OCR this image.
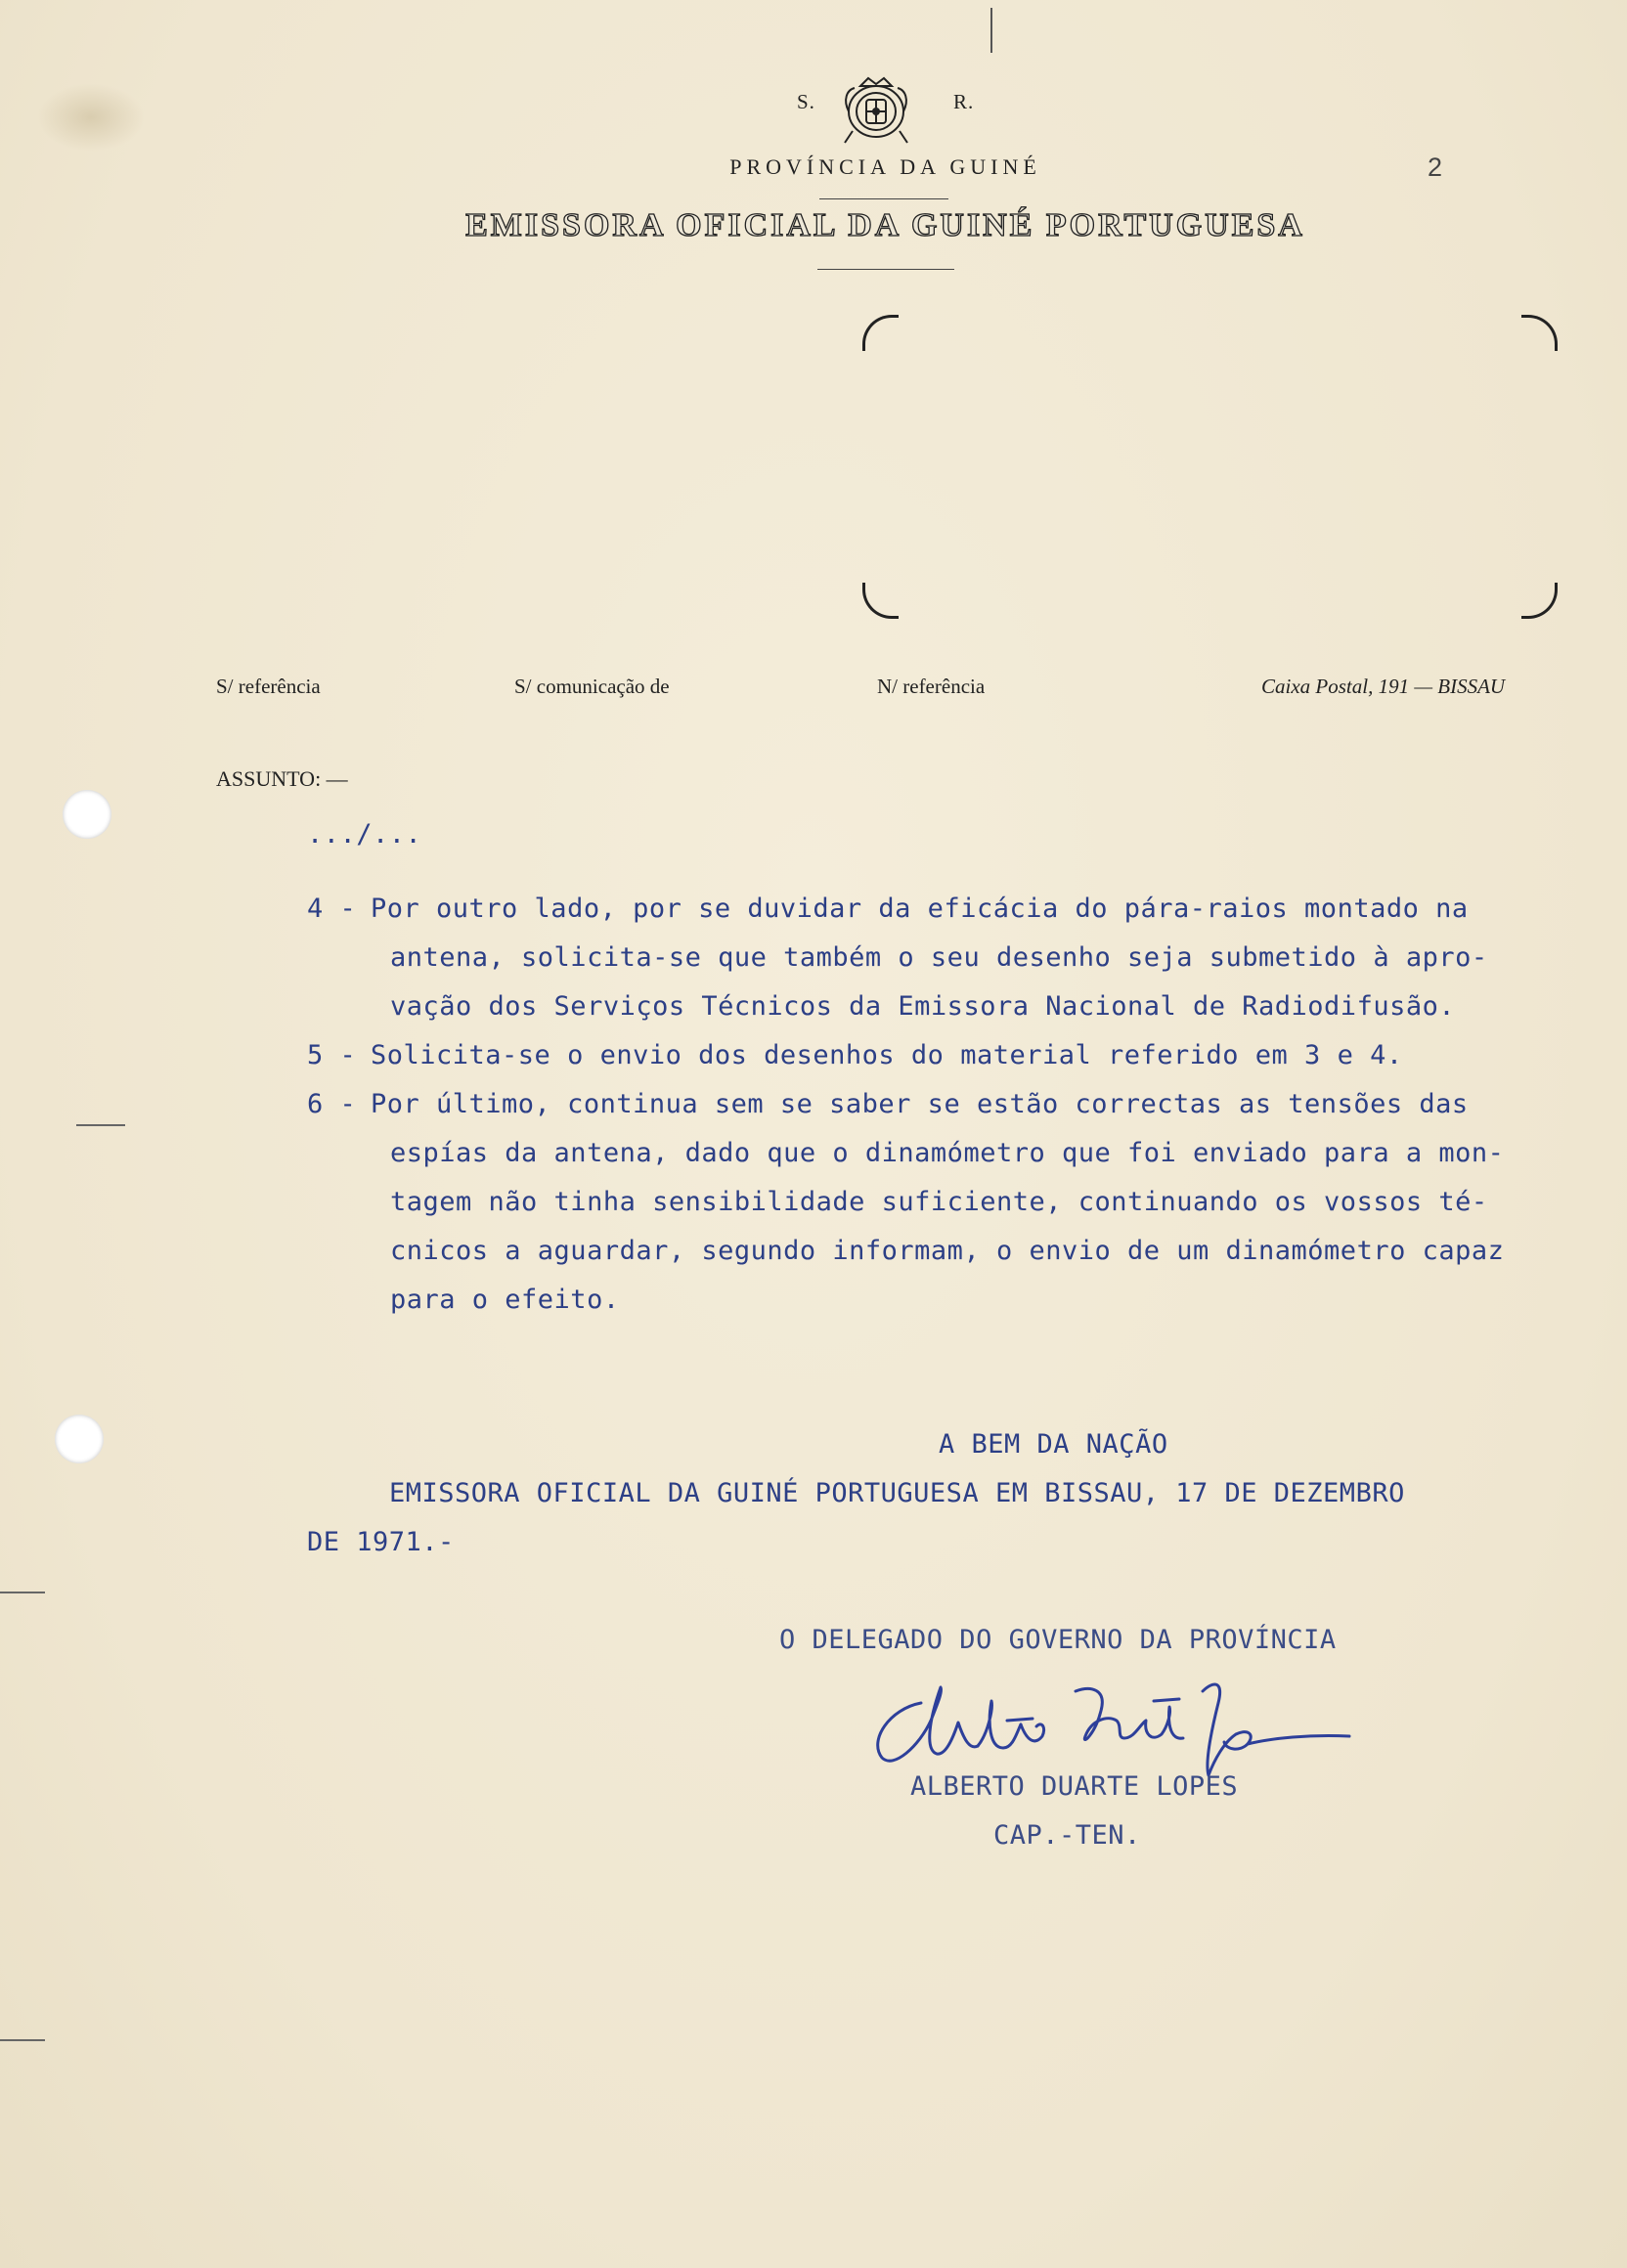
S.	R.
PROVÍNCIA DA GUINÉ	2
EMISSORA OFICIAL DA GUINÉ PORTUGUESA
S/ referência	S/ comunicação de	N/ referência	Caixa Postal, 191 — BISSAU
ASSUNTO: —
.../...
4 - Por outro lado, por se duvidar da eficácia do pára-raios montado na
antena, solicita-se que também o seu desenho seja submetido à apro-
vação dos Serviços Técnicos da Emissora Nacional de Radiodifusão.
5 - Solicita-se o envio dos desenhos do material referido em 3 e 4.
6 - Por último, continua sem se saber se estão correctas as tensões das
espías da antena, dado que o dinamómetro que foi enviado para a mon-
tagem não tinha sensibilidade suficiente, continuando os vossos té-
cnicos a aguardar, segundo informam, o envio de um dinamómetro capaz
para o efeito.
A BEM DA NAÇÃO
EMISSORA OFICIAL DA GUINÉ PORTUGUESA EM BISSAU, 17 DE DEZEMBRO
DE 1971.-
O DELEGADO DO GOVERNO DA PROVÍNCIA
ALBERTO DUARTE LOPES
CAP.-TEN.
